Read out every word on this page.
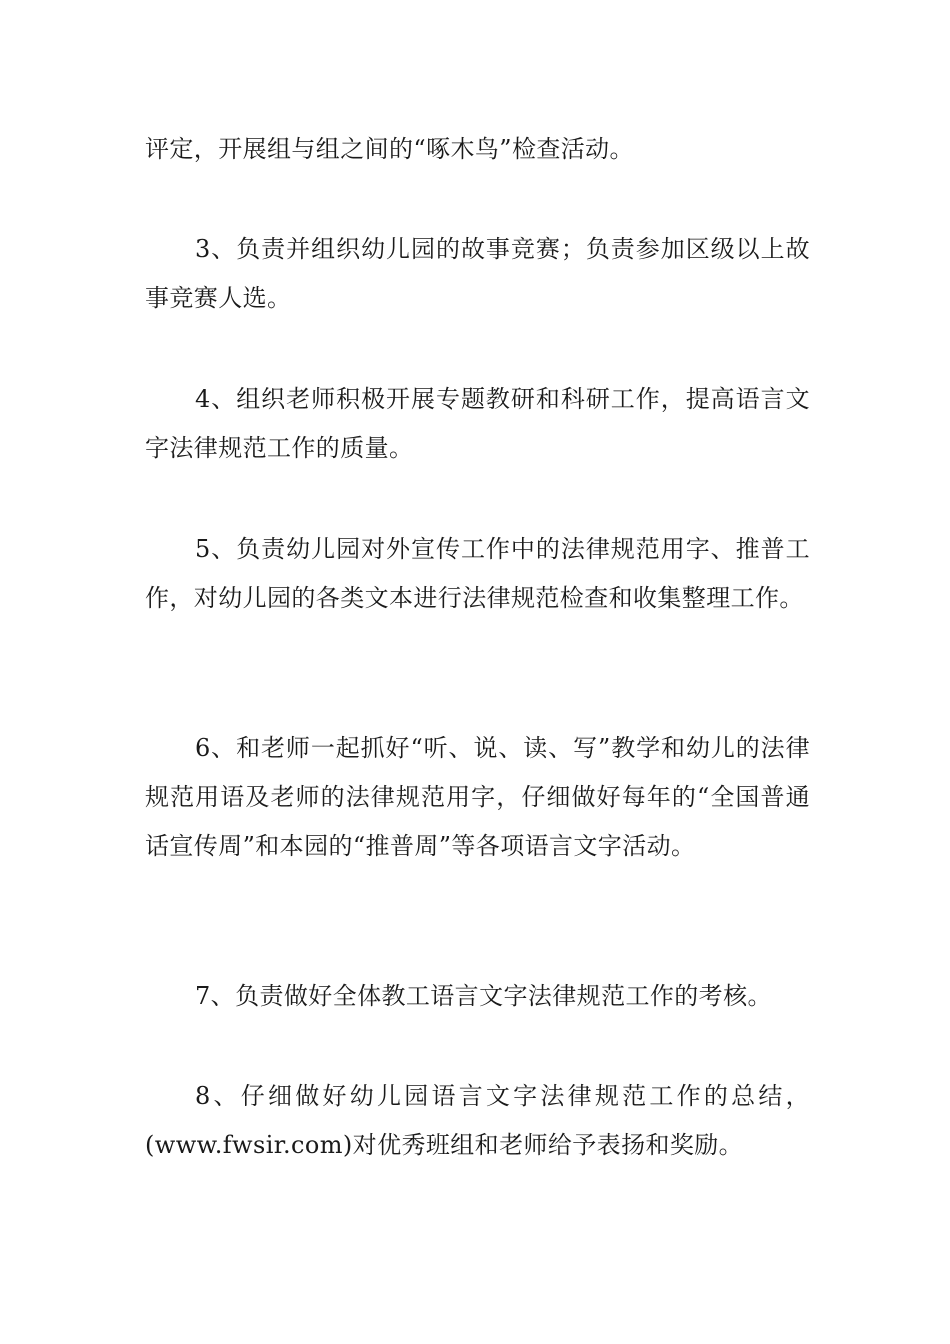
评定，开展组与组之间的“啄木鸟”检查活动。

3、负责并组织幼儿园的故事竞赛；负责参加区级以上故事竞赛人选。

4、组织老师积极开展专题教研和科研工作，提高语言文字法律规范工作的质量。

5、负责幼儿园对外宣传工作中的法律规范用字、推普工作，对幼儿园的各类文本进行法律规范检查和收集整理工作。

6、和老师一起抓好“听、说、读、写”教学和幼儿的法律规范用语及老师的法律规范用字，仔细做好每年的“全国普通话宣传周”和本园的“推普周”等各项语言文字活动。

7、负责做好全体教工语言文字法律规范工作的考核。

8、仔细做好幼儿园语言文字法律规范工作的总结，(www.fwsir.com)对优秀班组和老师给予表扬和奖励。
